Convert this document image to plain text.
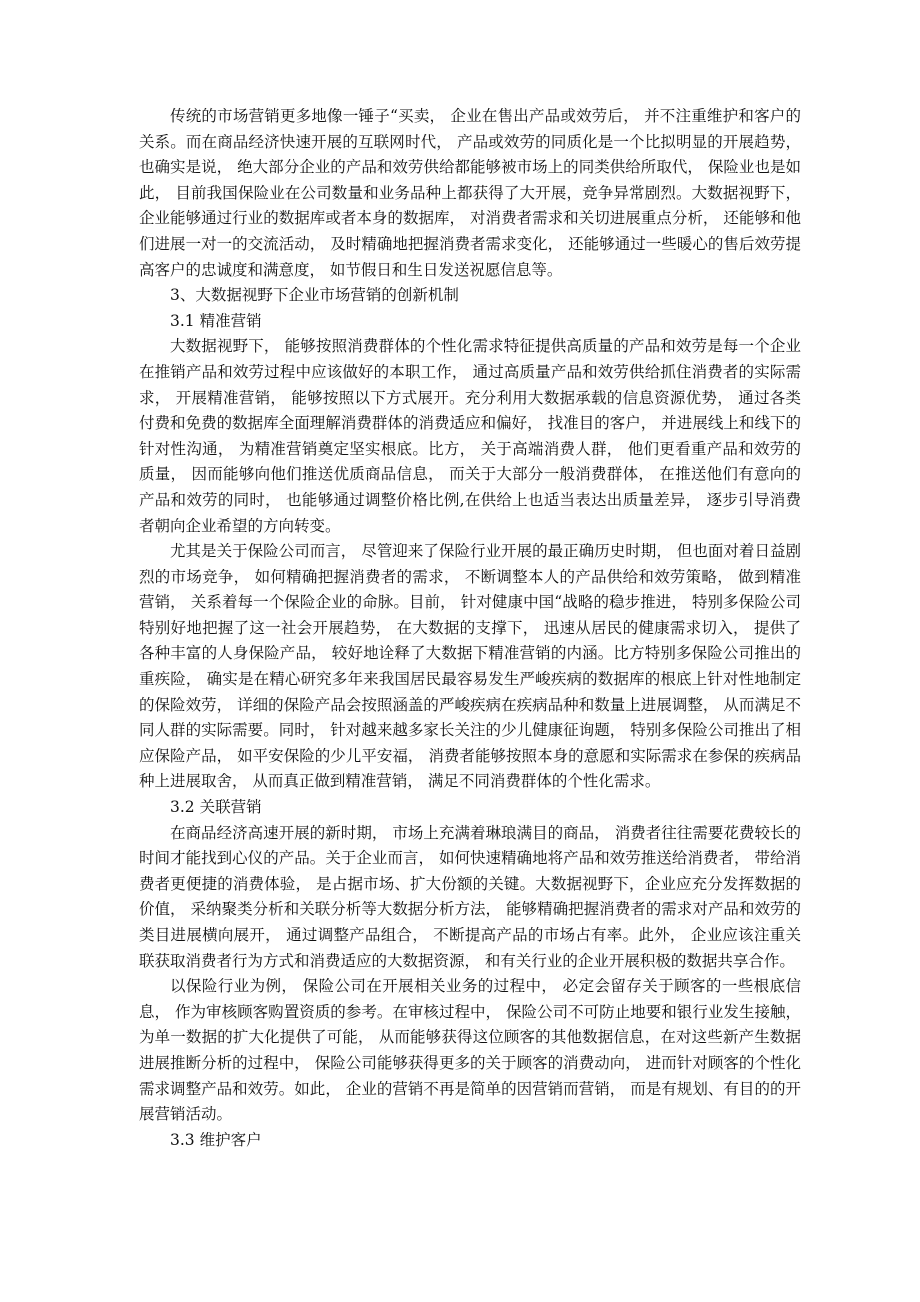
传统的市场营销更多地像一锤子“买卖， 企业在售出产品或效劳后， 并不注重维护和客户的关系。而在商品经济快速开展的互联网时代， 产品或效劳的同质化是一个比拟明显的开展趋势， 也确实是说， 绝大部分企业的产品和效劳供给都能够被市场上的同类供给所取代， 保险业也是如此， 目前我国保险业在公司数量和业务品种上都获得了大开展，竞争异常剧烈。大数据视野下， 企业能够通过行业的数据库或者本身的数据库， 对消费者需求和关切进展重点分析， 还能够和他们进展一对一的交流活动， 及时精确地把握消费者需求变化， 还能够通过一些暖心的售后效劳提高客户的忠诚度和满意度， 如节假日和生日发送祝愿信息等。

3、大数据视野下企业市场营销的创新机制

3.1 精准营销

大数据视野下， 能够按照消费群体的个性化需求特征提供高质量的产品和效劳是每一个企业在推销产品和效劳过程中应该做好的本职工作， 通过高质量产品和效劳供给抓住消费者的实际需求， 开展精准营销， 能够按照以下方式展开。充分利用大数据承载的信息资源优势， 通过各类付费和免费的数据库全面理解消费群体的消费适应和偏好， 找准目的客户， 并进展线上和线下的针对性沟通， 为精准营销奠定坚实根底。比方， 关于高端消费人群， 他们更看重产品和效劳的质量， 因而能够向他们推送优质商品信息， 而关于大部分一般消费群体， 在推送他们有意向的产品和效劳的同时， 也能够通过调整价格比例,在供给上也适当表达出质量差异， 逐步引导消费者朝向企业希望的方向转变。

尤其是关于保险公司而言， 尽管迎来了保险行业开展的最正确历史时期， 但也面对着日益剧烈的市场竞争， 如何精确把握消费者的需求， 不断调整本人的产品供给和效劳策略， 做到精准营销， 关系着每一个保险企业的命脉。目前， 针对健康中国“战略的稳步推进， 特别多保险公司特别好地把握了这一社会开展趋势， 在大数据的支撑下， 迅速从居民的健康需求切入， 提供了各种丰富的人身保险产品， 较好地诠释了大数据下精准营销的内涵。比方特别多保险公司推出的重疾险， 确实是在精心研究多年来我国居民最容易发生严峻疾病的数据库的根底上针对性地制定的保险效劳， 详细的保险产品会按照涵盖的严峻疾病在疾病品种和数量上进展调整， 从而满足不同人群的实际需要。同时， 针对越来越多家长关注的少儿健康征询题， 特别多保险公司推出了相应保险产品， 如平安保险的少儿平安福， 消费者能够按照本身的意愿和实际需求在参保的疾病品种上进展取舍， 从而真正做到精准营销， 满足不同消费群体的个性化需求。

3.2 关联营销

在商品经济高速开展的新时期， 市场上充满着琳琅满目的商品， 消费者往往需要花费较长的时间才能找到心仪的产品。关于企业而言， 如何快速精确地将产品和效劳推送给消费者， 带给消费者更便捷的消费体验， 是占据市场、扩大份额的关键。大数据视野下，企业应充分发挥数据的价值， 采纳聚类分析和关联分析等大数据分析方法， 能够精确把握消费者的需求对产品和效劳的类目进展横向展开， 通过调整产品组合， 不断提高产品的市场占有率。此外， 企业应该注重关联获取消费者行为方式和消费适应的大数据资源， 和有关行业的企业开展积极的数据共享合作。

以保险行业为例， 保险公司在开展相关业务的过程中， 必定会留存关于顾客的一些根底信息， 作为审核顾客购置资质的参考。在审核过程中， 保险公司不可防止地要和银行业发生接触， 为单一数据的扩大化提供了可能， 从而能够获得这位顾客的其他数据信息，在对这些新产生数据进展推断分析的过程中， 保险公司能够获得更多的关于顾客的消费动向， 进而针对顾客的个性化需求调整产品和效劳。如此， 企业的营销不再是简单的因营销而营销， 而是有规划、有目的的开展营销活动。

3.3 维护客户
